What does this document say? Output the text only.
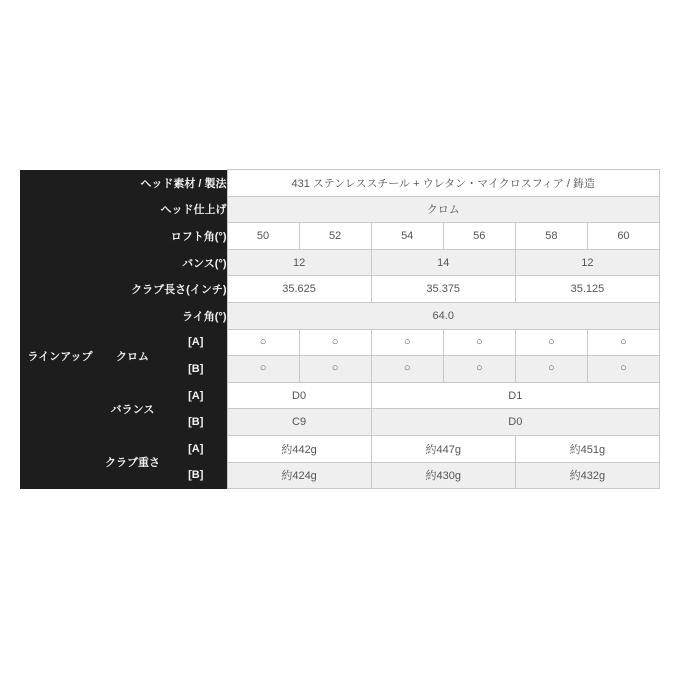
ヘッド素材 / 製法			431 ステンレススチール + ウレタン・マイクロスフィア / 鋳造					
ヘッド仕上げ			クロム					
ロフト角(°)			50	52	54	56	58	60
バンス(°)			12		14		12	
クラブ長さ(インチ)			35.625		35.375		35.125	
ライ角(°)			64.0					
ラインアップ	クロム	[A]	○	○	○	○	○	○
		[B]	○	○	○	○	○	○
	バランス	[A]	D0		D1			
		[B]	C9		D0			
	クラブ重さ	[A]	約442g		約447g		約451g	
		[B]	約424g		約430g		約432g	
